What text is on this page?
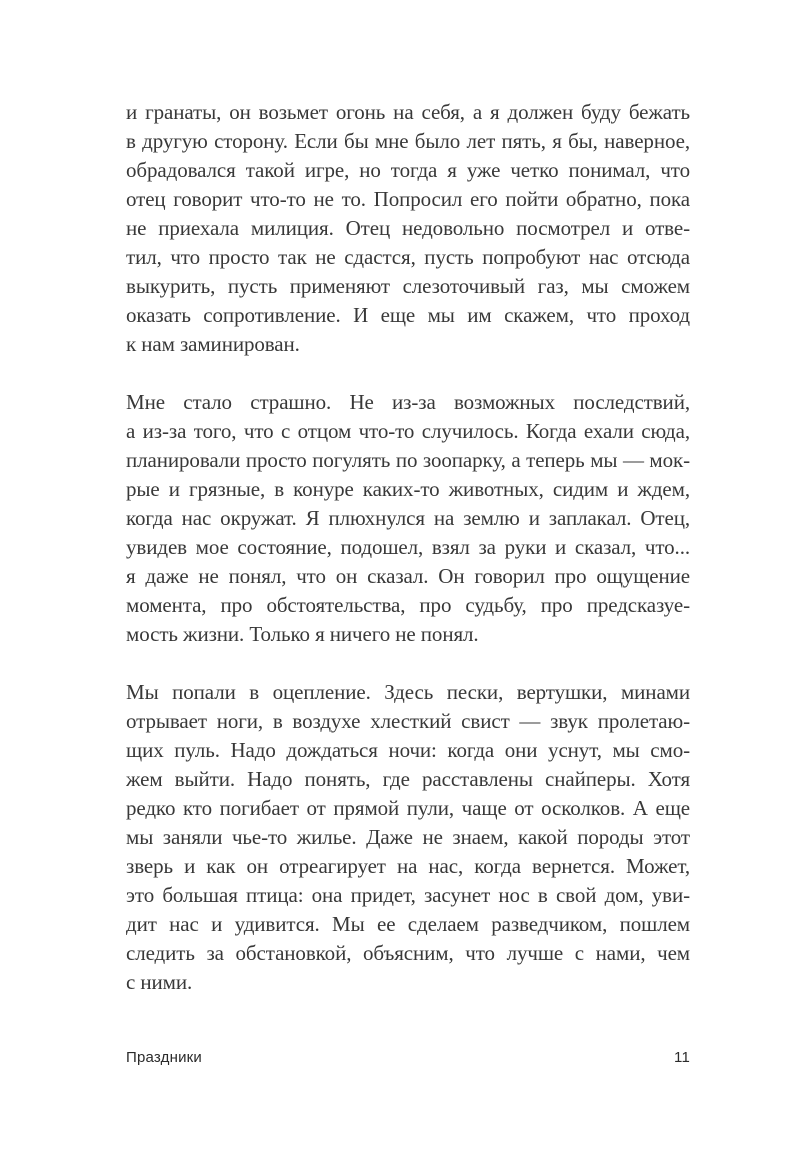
и гранаты, он возьмет огонь на себя, а я должен буду бежать
в другую сторону. Если бы мне было лет пять, я бы, наверное,
обрадовался такой игре, но тогда я уже четко понимал, что
отец говорит что-то не то. Попросил его пойти обратно, пока
не приехала милиция. Отец недовольно посмотрел и отве-
тил, что просто так не сдастся, пусть попробуют нас отсюда
выкурить, пусть применяют слезоточивый газ, мы сможем
оказать сопротивление. И еще мы им скажем, что проход
к нам заминирован.
Мне стало страшно. Не из-за возможных последствий,
а из-за того, что с отцом что-то случилось. Когда ехали сюда,
планировали просто погулять по зоопарку, а теперь мы — мок-
рые и грязные, в конуре каких-то животных, сидим и ждем,
когда нас окружат. Я плюхнулся на землю и заплакал. Отец,
увидев мое состояние, подошел, взял за руки и сказал, что...
я даже не понял, что он сказал. Он говорил про ощущение
момента, про обстоятельства, про судьбу, про предсказуе-
мость жизни. Только я ничего не понял.
Мы попали в оцепление. Здесь пески, вертушки, минами
отрывает ноги, в воздухе хлесткий свист — звук пролетаю-
щих пуль. Надо дождаться ночи: когда они уснут, мы смо-
жем выйти. Надо понять, где расставлены снайперы. Хотя
редко кто погибает от прямой пули, чаще от осколков. А еще
мы заняли чье-то жилье. Даже не знаем, какой породы этот
зверь и как он отреагирует на нас, когда вернется. Может,
это большая птица: она придет, засунет нос в свой дом, уви-
дит нас и удивится. Мы ее сделаем разведчиком, пошлем
следить за обстановкой, объясним, что лучше с нами, чем
с ними.
Праздники	11
